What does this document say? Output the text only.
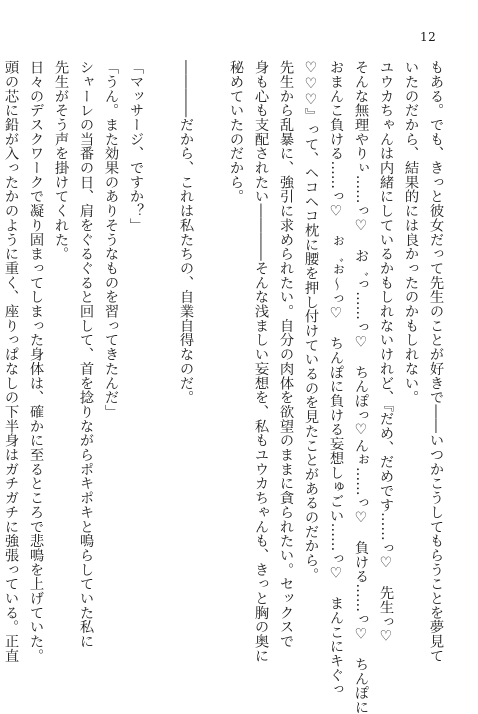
12
もある。でも、きっと彼女だって先生のことが好きで――いつかこうしてもらうことを夢見て
いたのだから、結果的には良かったのかもしれない。
ユウカちゃんは内緒にしているかもしれないけれど、『だめ、だめです……っ♡　先生っ♡
そんな無理やりぃ……っ♡　お゛っ……っ♡　ちんぽっ♡んぉ……っ♡　負ける……っ♡　ちんぽに
おまんこ負ける……っ♡　ぉ゛ぉ～っ♡　ちんぽに負ける妄想しゅごい……っ♡　まんこにキぐっ
♡♡♡』って、ヘコヘコ枕に腰を押し付けているのを見たことがあるのだから。
先生から乱暴に、強引に求められたい。自分の肉体を欲望のままに貪られたい。セックスで
身も心も支配されたい――――そんな浅ましい妄想を、私もユウカちゃんも、きっと胸の奥に
秘めていたのだから。
――――だから、これは私たちの、自業自得なのだ。
「マッサージ、ですか？」
「うん。また効果のありそうなものを習ってきたんだ」
シャーレの当番の日、肩をぐるぐると回して、首を捻りながらポキポキと鳴らしていた私に
先生がそう声を掛けてくれた。
日々のデスクワークで凝り固まってしまった身体は、確かに至るところで悲鳴を上げていた。
頭の芯に鉛が入ったかのように重く、座りっぱなしの下半身はガチガチに強張っている。正直
